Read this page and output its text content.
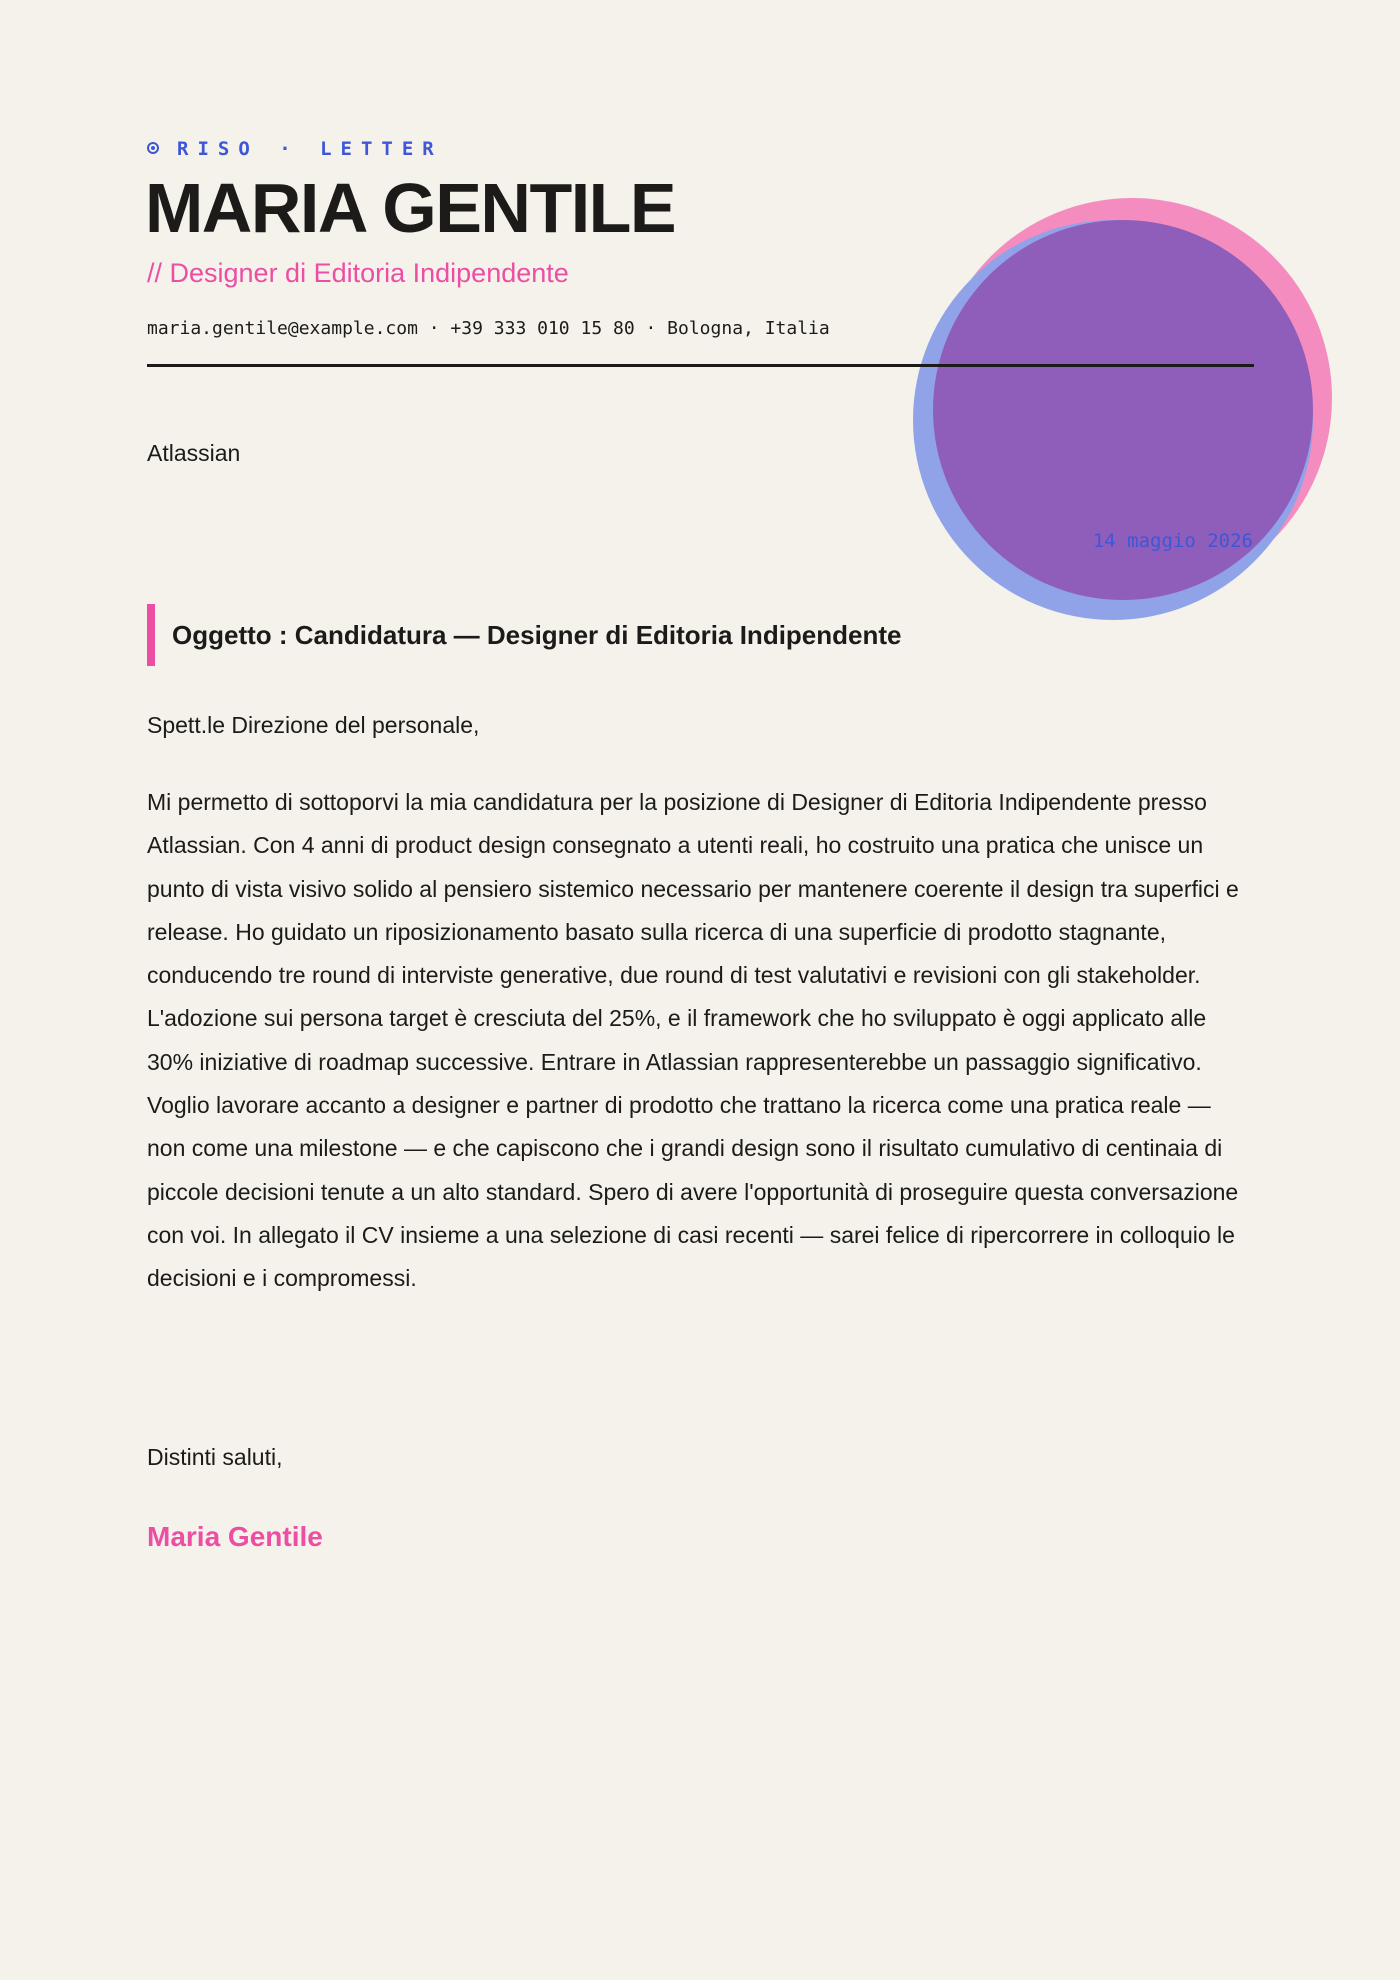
RISO · LETTER
MARIA GENTILE
// Designer di Editoria Indipendente
maria.gentile@example.com · +39 333 010 15 80 · Bologna, Italia
Atlassian
14 maggio 2026
Oggetto : Candidatura — Designer di Editoria Indipendente
Spett.le Direzione del personale,

Mi permetto di sottoporvi la mia candidatura per la posizione di Designer di Editoria Indipendente presso Atlassian. Con 4 anni di product design consegnato a utenti reali, ho costruito una pratica che unisce un punto di vista visivo solido al pensiero sistemico necessario per mantenere coerente il design tra superfici e release. Ho guidato un riposizionamento basato sulla ricerca di una superficie di prodotto stagnante, conducendo tre round di interviste generative, due round di test valutativi e revisioni con gli stakeholder. L'adozione sui persona target è cresciuta del 25%, e il framework che ho sviluppato è oggi applicato alle 30% iniziative di roadmap successive. Entrare in Atlassian rappresenterebbe un passaggio significativo. Voglio lavorare accanto a designer e partner di prodotto che trattano la ricerca come una pratica reale — non come una milestone — e che capiscono che i grandi design sono il risultato cumulativo di centinaia di piccole decisioni tenute a un alto standard. Spero di avere l'opportunità di proseguire questa conversazione con voi. In allegato il CV insieme a una selezione di casi recenti — sarei felice di ripercorrere in colloquio le decisioni e i compromessi.

Distinti saluti,
Maria Gentile
